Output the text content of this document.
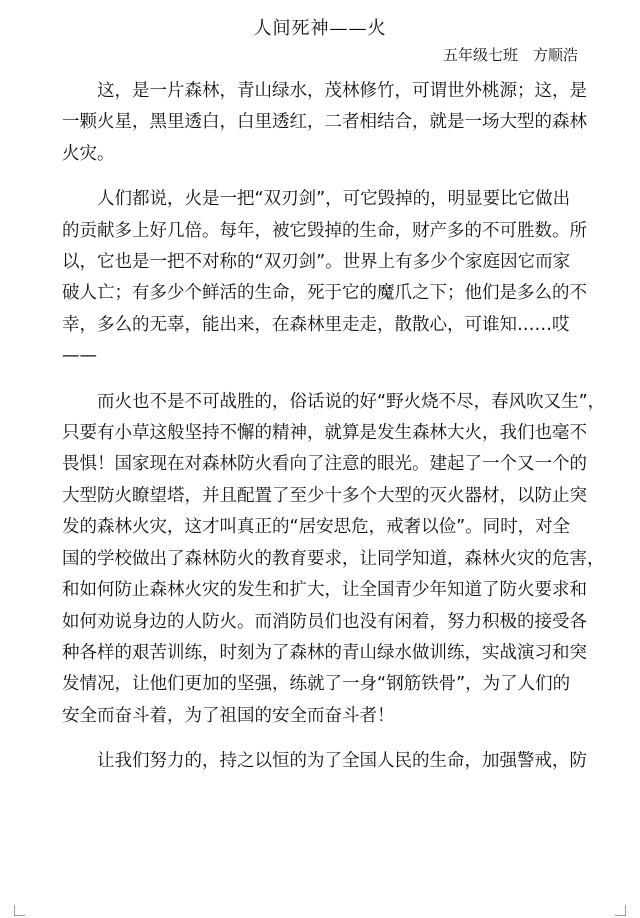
人间死神——火
五年级七班　方顺浩

　　这，是一片森林，青山绿水，茂林修竹，可谓世外桃源；这，是
一颗火星，黑里透白，白里透红，二者相结合，就是一场大型的森林
火灾。

　　人们都说，火是一把“双刃剑”，可它毁掉的，明显要比它做出
的贡献多上好几倍。每年，被它毁掉的生命，财产多的不可胜数。所
以，它也是一把不对称的“双刃剑”。世界上有多少个家庭因它而家
破人亡；有多少个鲜活的生命，死于它的魔爪之下；他们是多么的不
幸，多么的无辜，能出来，在森林里走走，散散心，可谁知……哎
——

　　而火也不是不可战胜的，俗话说的好“野火烧不尽，春风吹又生”，
只要有小草这般坚持不懈的精神，就算是发生森林大火，我们也毫不
畏惧！国家现在对森林防火看向了注意的眼光。建起了一个又一个的
大型防火瞭望塔，并且配置了至少十多个大型的灭火器材，以防止突
发的森林火灾，这才叫真正的“居安思危，戒奢以俭”。同时，对全
国的学校做出了森林防火的教育要求，让同学知道，森林火灾的危害，
和如何防止森林火灾的发生和扩大，让全国青少年知道了防火要求和
如何劝说身边的人防火。而消防员们也没有闲着，努力积极的接受各
种各样的艰苦训练，时刻为了森林的青山绿水做训练，实战演习和突
发情况，让他们更加的坚强，练就了一身“钢筋铁骨”，为了人们的
安全而奋斗着，为了祖国的安全而奋斗者！

　　让我们努力的，持之以恒的为了全国人民的生命，加强警戒，防
